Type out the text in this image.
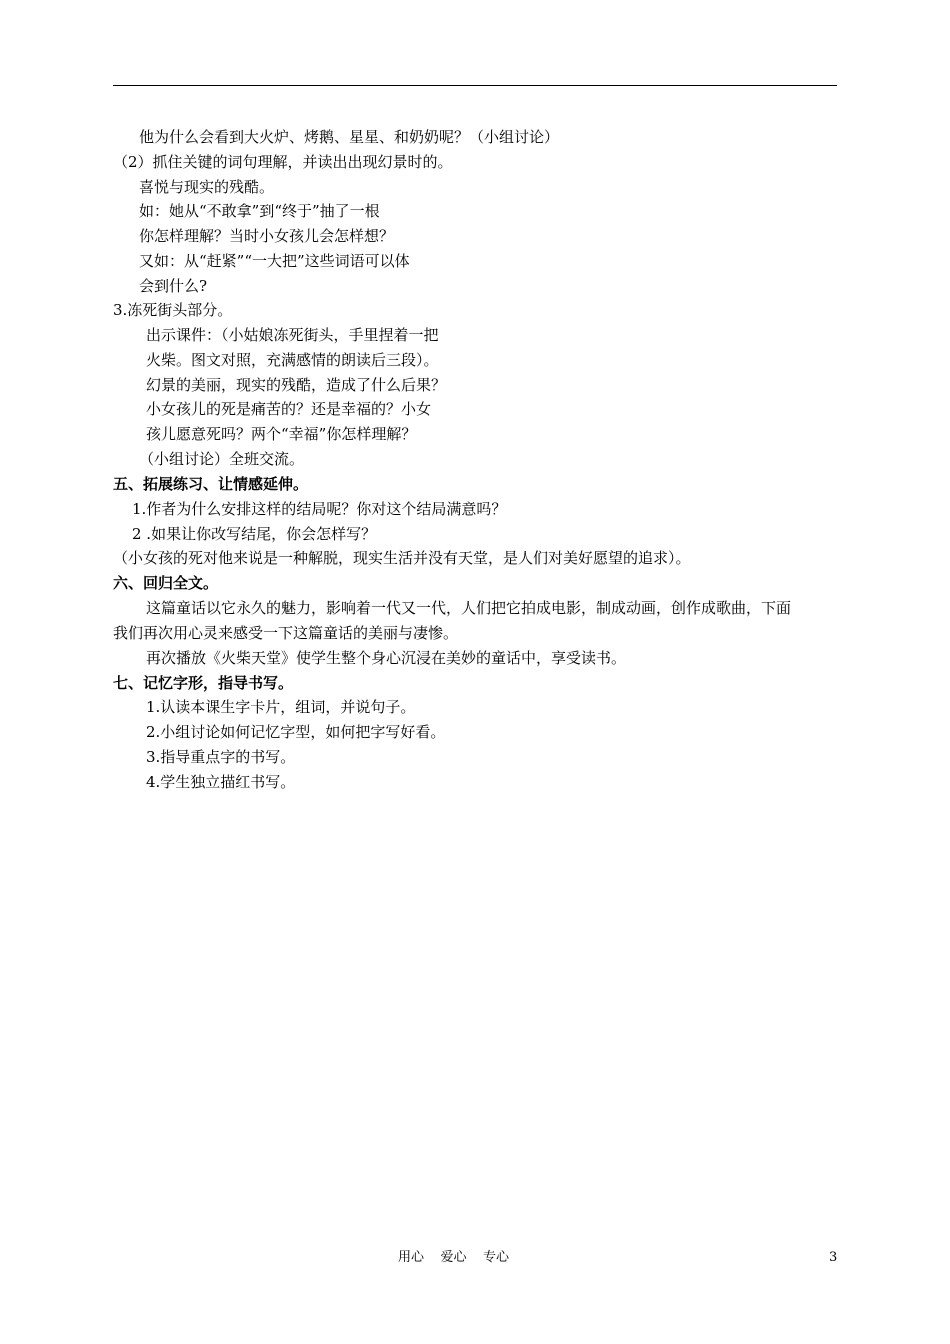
他为什么会看到大火炉、烤鹅、星星、和奶奶呢？（小组讨论）
（2）抓住关键的词句理解，并读出出现幻景时的。
喜悦与现实的残酷。
如：她从“不敢拿”到“终于”抽了一根
你怎样理解？当时小女孩儿会怎样想？
又如：从“赶紧”“一大把”这些词语可以体
会到什么?
3.冻死街头部分。
出示课件：（小姑娘冻死街头，手里捏着一把
火柴。图文对照，充满感情的朗读后三段）。
幻景的美丽，现实的残酷，造成了什么后果？
小女孩儿的死是痛苦的？还是幸福的？小女
孩儿愿意死吗？两个“幸福”你怎样理解？
（小组讨论）全班交流。
五、拓展练习、让情感延伸。
1.作者为什么安排这样的结局呢？你对这个结局满意吗？
2 .如果让你改写结尾，你会怎样写？
（小女孩的死对他来说是一种解脱，现实生活并没有天堂，是人们对美好愿望的追求）。
六、回归全文。
这篇童话以它永久的魅力，影响着一代又一代，人们把它拍成电影，制成动画，创作成歌曲，下面
我们再次用心灵来感受一下这篇童话的美丽与凄惨。
再次播放《火柴天堂》使学生整个身心沉浸在美妙的童话中，享受读书。
七、记忆字形，指导书写。
1.认读本课生字卡片，组词，并说句子。
2.小组讨论如何记忆字型，如何把字写好看。
3.指导重点字的书写。
4.学生独立描红书写。
用心    爱心    专心	3
